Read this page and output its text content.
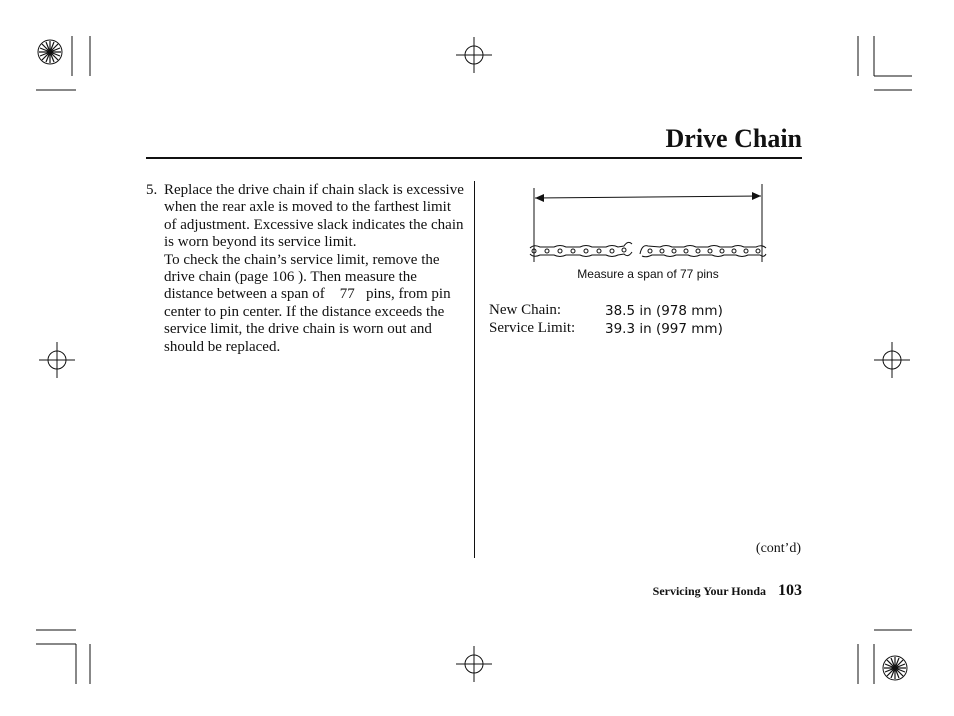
Drive Chain
5. Replace the drive chain if chain slack is excessive when the rear axle is moved to the farthest limit of adjustment. Excessive slack indicates the chain is worn beyond its service limit.

To check the chain’s service limit, remove the drive chain (page 106 ). Then measure the distance between a span of    77   pins, from pin center to pin center. If the distance exceeds the service limit, the drive chain is worn out and should be replaced.

Measure a span of 77 pins
New Chain:	38.5 in (978 mm)
Service Limit: 39.3 in (997 mm)
(cont’d)
Servicing Your Honda 103
